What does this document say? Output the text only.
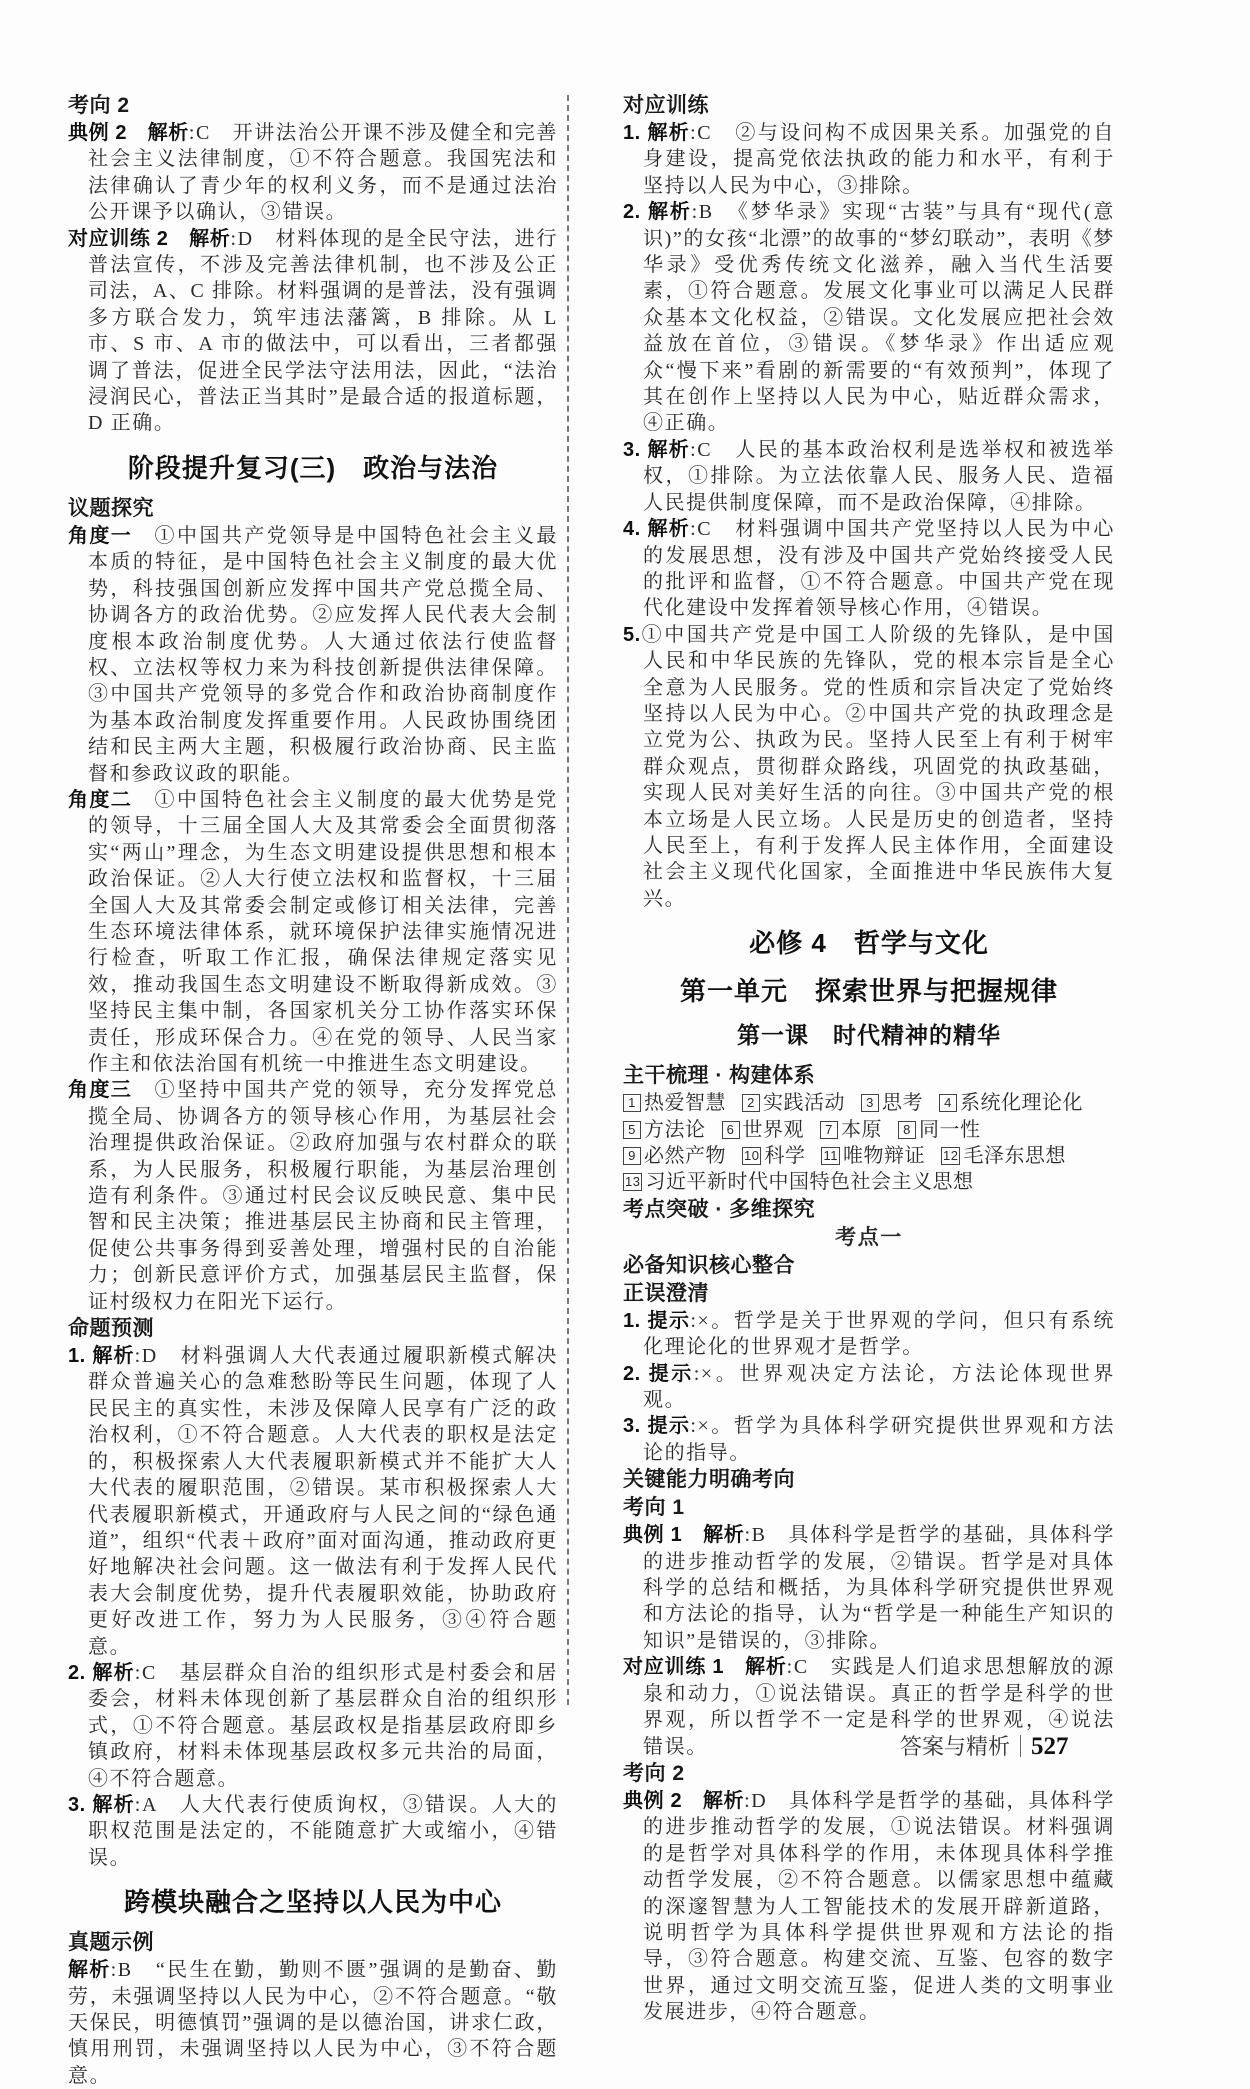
考向 2
典例 2　解析:C　开讲法治公开课不涉及健全和完善社会主义法律制度，①不符合题意。我国宪法和法律确认了青少年的权利义务，而不是通过法治公开课予以确认，③错误。
对应训练 2　解析:D　材料体现的是全民守法，进行普法宣传，不涉及完善法律机制，也不涉及公正司法，A、C 排除。材料强调的是普法，没有强调多方联合发力，筑牢违法藩篱，B 排除。从 L 市、S 市、A 市的做法中，可以看出，三者都强调了普法，促进全民学法守法用法，因此，“法治浸润民心，普法正当其时”是最合适的报道标题，D 正确。
阶段提升复习(三)　政治与法治
议题探究
角度一　①中国共产党领导是中国特色社会主义最本质的特征，是中国特色社会主义制度的最大优势，科技强国创新应发挥中国共产党总揽全局、协调各方的政治优势。②应发挥人民代表大会制度根本政治制度优势。人大通过依法行使监督权、立法权等权力来为科技创新提供法律保障。③中国共产党领导的多党合作和政治协商制度作为基本政治制度发挥重要作用。人民政协围绕团结和民主两大主题，积极履行政治协商、民主监督和参政议政的职能。
角度二　①中国特色社会主义制度的最大优势是党的领导，十三届全国人大及其常委会全面贯彻落实“两山”理念，为生态文明建设提供思想和根本政治保证。②人大行使立法权和监督权，十三届全国人大及其常委会制定或修订相关法律，完善生态环境法律体系，就环境保护法律实施情况进行检查，听取工作汇报，确保法律规定落实见效，推动我国生态文明建设不断取得新成效。③坚持民主集中制，各国家机关分工协作落实环保责任，形成环保合力。④在党的领导、人民当家作主和依法治国有机统一中推进生态文明建设。
角度三　①坚持中国共产党的领导，充分发挥党总揽全局、协调各方的领导核心作用，为基层社会治理提供政治保证。②政府加强与农村群众的联系，为人民服务，积极履行职能，为基层治理创造有利条件。③通过村民会议反映民意、集中民智和民主决策；推进基层民主协商和民主管理，促使公共事务得到妥善处理，增强村民的自治能力；创新民意评价方式，加强基层民主监督，保证村级权力在阳光下运行。
命题预测
1. 解析:D　材料强调人大代表通过履职新模式解决群众普遍关心的急难愁盼等民生问题，体现了人民民主的真实性，未涉及保障人民享有广泛的政治权利，①不符合题意。人大代表的职权是法定的，积极探索人大代表履职新模式并不能扩大人大代表的履职范围，②错误。某市积极探索人大代表履职新模式，开通政府与人民之间的“绿色通道”，组织“代表＋政府”面对面沟通，推动政府更好地解决社会问题。这一做法有利于发挥人民代表大会制度优势，提升代表履职效能，协助政府更好改进工作，努力为人民服务，③④符合题意。
2. 解析:C　基层群众自治的组织形式是村委会和居委会，材料未体现创新了基层群众自治的组织形式，①不符合题意。基层政权是指基层政府即乡镇政府，材料未体现基层政权多元共治的局面，④不符合题意。
3. 解析:A　人大代表行使质询权，③错误。人大的职权范围是法定的，不能随意扩大或缩小，④错误。
跨模块融合之坚持以人民为中心
真题示例
解析:B　“民生在勤，勤则不匮”强调的是勤奋、勤劳，未强调坚持以人民为中心，②不符合题意。“敬天保民，明德慎罚”强调的是以德治国，讲求仁政，慎用刑罚，未强调坚持以人民为中心，③不符合题意。
对应训练
1. 解析:C　②与设问构不成因果关系。加强党的自身建设，提高党依法执政的能力和水平，有利于坚持以人民为中心，③排除。
2. 解析:B　《梦华录》实现“古装”与具有“现代(意识)”的女孩“北漂”的故事的“梦幻联动”，表明《梦华录》受优秀传统文化滋养，融入当代生活要素，①符合题意。发展文化事业可以满足人民群众基本文化权益，②错误。文化发展应把社会效益放在首位，③错误。《梦华录》作出适应观众“慢下来”看剧的新需要的“有效预判”，体现了其在创作上坚持以人民为中心，贴近群众需求，④正确。
3. 解析:C　人民的基本政治权利是选举权和被选举权，①排除。为立法依靠人民、服务人民、造福人民提供制度保障，而不是政治保障，④排除。
4. 解析:C　材料强调中国共产党坚持以人民为中心的发展思想，没有涉及中国共产党始终接受人民的批评和监督，①不符合题意。中国共产党在现代化建设中发挥着领导核心作用，④错误。
5.①中国共产党是中国工人阶级的先锋队，是中国人民和中华民族的先锋队，党的根本宗旨是全心全意为人民服务。党的性质和宗旨决定了党始终坚持以人民为中心。②中国共产党的执政理念是立党为公、执政为民。坚持人民至上有利于树牢群众观点，贯彻群众路线，巩固党的执政基础，实现人民对美好生活的向往。③中国共产党的根本立场是人民立场。人民是历史的创造者，坚持人民至上，有利于发挥人民主体作用，全面建设社会主义现代化国家，全面推进中华民族伟大复兴。
必修 4　哲学与文化
第一单元　探索世界与把握规律
第一课　时代精神的精华
主干梳理 · 构建体系
1 热爱智慧 2 实践活动 3 思考 4 系统化理论化5 方法论 6 世界观 7 本原 8 同一性9 必然产物 10 科学 11 唯物辩证 12 毛泽东思想13 习近平新时代中国特色社会主义思想
考点突破 · 多维探究
考点一
必备知识核心整合
正误澄清
1. 提示:×。哲学是关于世界观的学问，但只有系统化理论化的世界观才是哲学。
2. 提示:×。世界观决定方法论，方法论体现世界观。
3. 提示:×。哲学为具体科学研究提供世界观和方法论的指导。
关键能力明确考向
考向 1
典例 1　解析:B　具体科学是哲学的基础，具体科学的进步推动哲学的发展，②错误。哲学是对具体科学的总结和概括，为具体科学研究提供世界观和方法论的指导，认为“哲学是一种能生产知识的知识”是错误的，③排除。
对应训练 1　解析:C　实践是人们追求思想解放的源泉和动力，①说法错误。真正的哲学是科学的世界观，所以哲学不一定是科学的世界观，④说法错误。
考向 2
典例 2　解析:D　具体科学是哲学的基础，具体科学的进步推动哲学的发展，①说法错误。材料强调的是哲学对具体科学的作用，未体现具体科学推动哲学发展，②不符合题意。以儒家思想中蕴藏的深邃智慧为人工智能技术的发展开辟新道路，说明哲学为具体科学提供世界观和方法论的指导，③符合题意。构建交流、互鉴、包容的数字世界，通过文明交流互鉴，促进人类的文明事业发展进步，④符合题意。
答案与精析 527
